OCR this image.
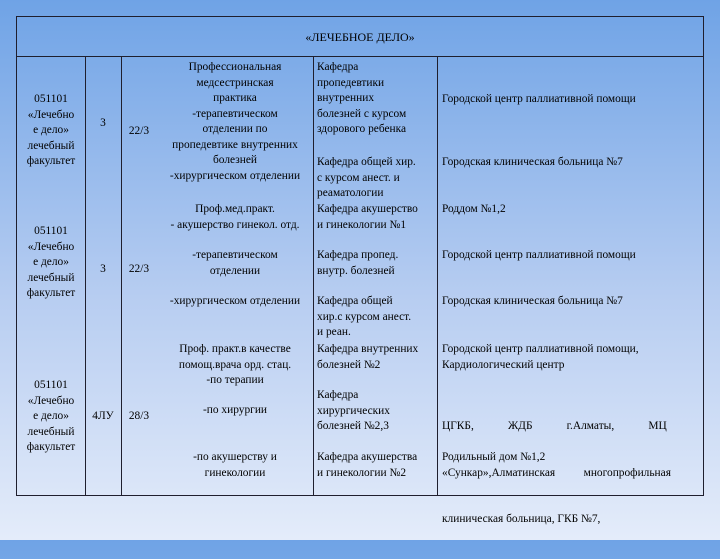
«ЛЕЧЕБНОЕ ДЕЛО»
051101
«Лечебно
е дело»
лечебный
факультет
3
22/3
051101
«Лечебно
е дело»
лечебный
факультет
3	22/3
051101
«Лечебно
е дело»
лечебный
факультет
4ЛУ	28/3
Профессиональная
медсестринская
практика
-терапевтическом
отделении по
пропедевтике внутренних
болезней
-хирургическом отделении
Проф.мед.практ.
- акушерство гинекол. отд.
-терапевтическом
отделении
-хирургическом отделении
Проф. практ.в качестве
помощ.врача орд. стац.
-по терапии
-по хирургии
-по акушерству и
гинекологии
Кафедра
пропедевтики
внутренних
болезней с курсом
здорового ребенка
Кафедра общей хир.
с курсом анест. и
реаматологии
Кафедра акушерство
и гинекологии №1
Кафедра пропед.
внутр. болезней
Кафедра общей
хир.с курсом анест.
и реан.
Кафедра внутренних
болезней №2
Кафедра
хирургических
болезней №2,3
Кафедра акушерства
и гинекологии №2
Городской центр паллиативной помощи
Городская клиническая больница №7
Роддом №1,2
Городской центр паллиативной помощи
Городская клиническая больница №7
Городской центр паллиативной помощи,
Кардиологический центр

ЦГКБ,            ЖДБ            г.Алматы,            МЦ

«Сункар»,Алматинская          многопрофильная

клиническая больница, ГКБ №7,

Родильный дом №1,2
